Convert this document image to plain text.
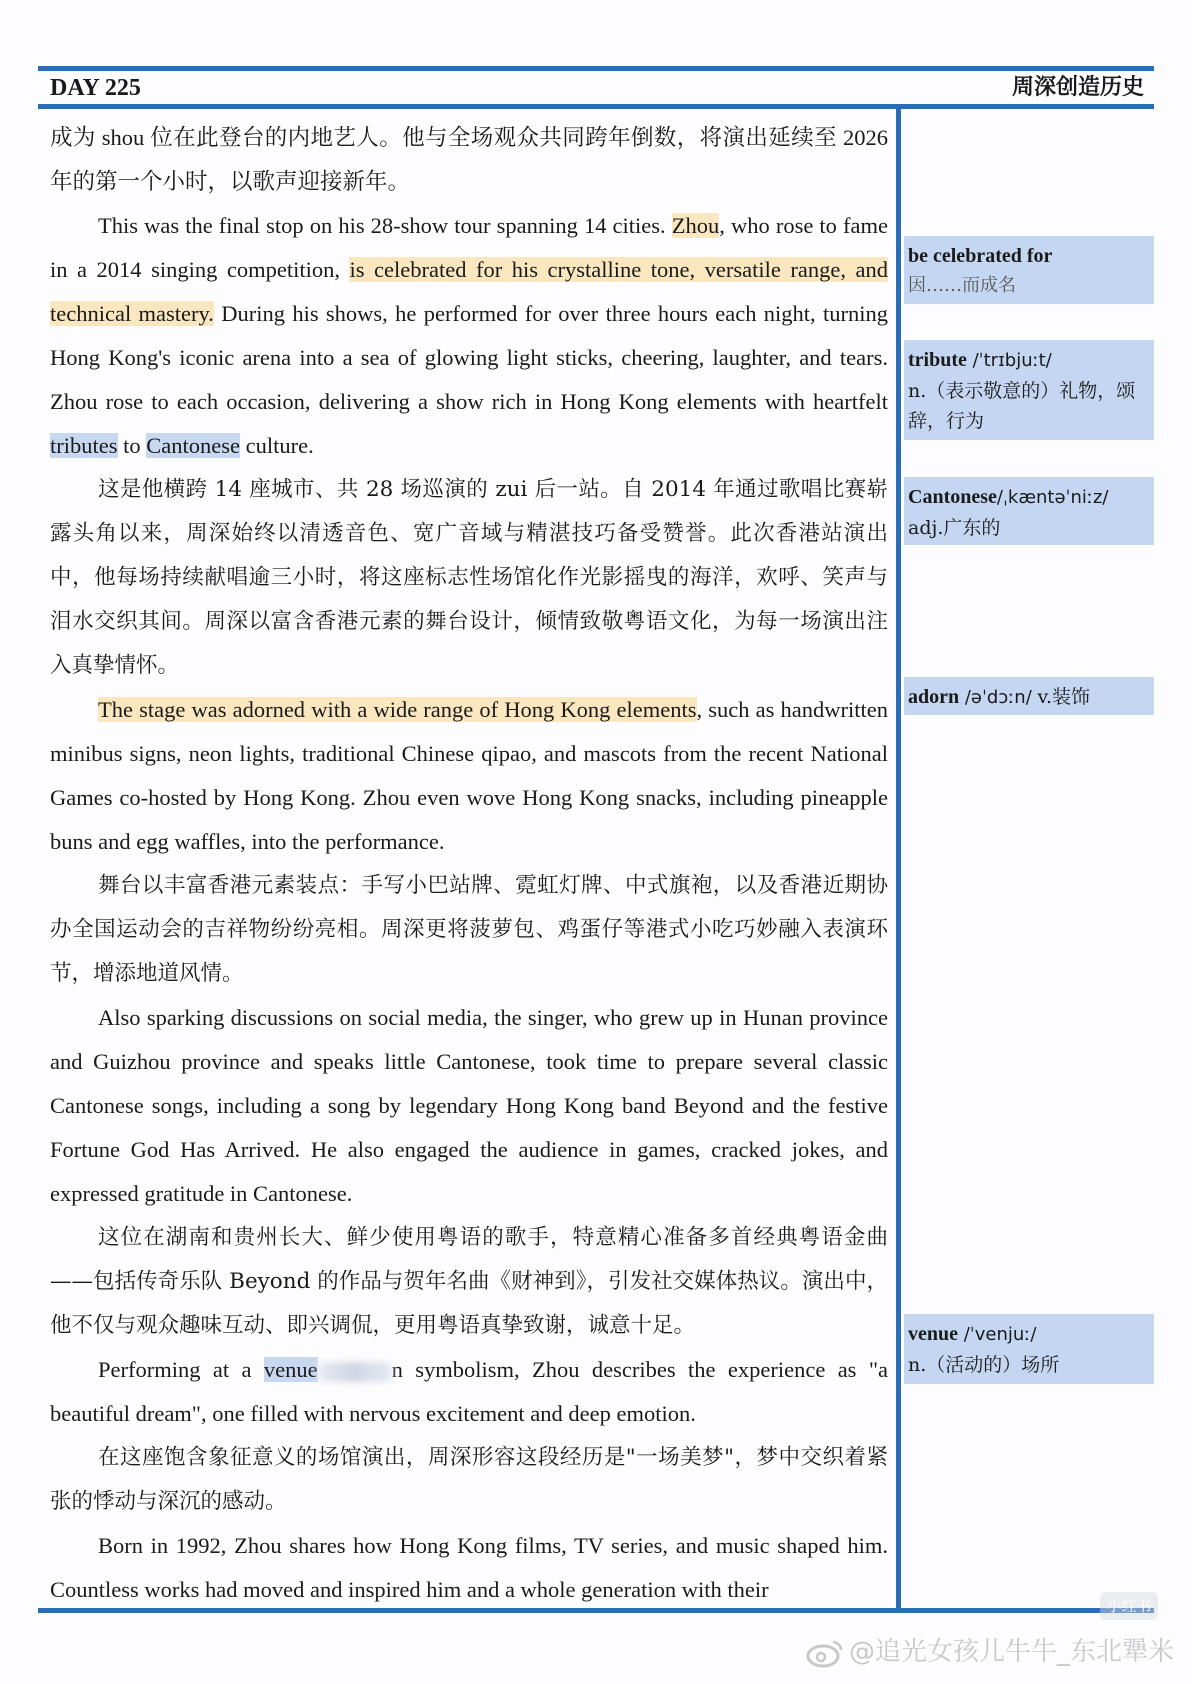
DAY 225	周深创造历史

成为 shou 位在此登台的内地艺人。他与全场观众共同跨年倒数，将演出延续至 2026 年的第一个小时，以歌声迎接新年。

This was the final stop on his 28-show tour spanning 14 cities. Zhou, who rose to fame in a 2014 singing competition, is celebrated for his crystalline tone, versatile range, and technical mastery. During his shows, he performed for over three hours each night, turning Hong Kong's iconic arena into a sea of glowing light sticks, cheering, laughter, and tears. Zhou rose to each occasion, delivering a show rich in Hong Kong elements with heartfelt tributes to Cantonese culture.

这是他横跨 14 座城市、共 28 场巡演的 zui 后一站。自 2014 年通过歌唱比赛崭露头角以来，周深始终以清透音色、宽广音域与精湛技巧备受赞誉。此次香港站演出中，他每场持续献唱逾三小时，将这座标志性场馆化作光影摇曳的海洋，欢呼、笑声与泪水交织其间。周深以富含香港元素的舞台设计，倾情致敬粤语文化，为每一场演出注入真挚情怀。

The stage was adorned with a wide range of Hong Kong elements, such as handwritten minibus signs, neon lights, traditional Chinese qipao, and mascots from the recent National Games co-hosted by Hong Kong. Zhou even wove Hong Kong snacks, including pineapple buns and egg waffles, into the performance.

舞台以丰富香港元素装点：手写小巴站牌、霓虹灯牌、中式旗袍，以及香港近期协办全国运动会的吉祥物纷纷亮相。周深更将菠萝包、鸡蛋仔等港式小吃巧妙融入表演环节，增添地道风情。

Also sparking discussions on social media, the singer, who grew up in Hunan province and Guizhou province and speaks little Cantonese, took time to prepare several classic Cantonese songs, including a song by legendary Hong Kong band Beyond and the festive Fortune God Has Arrived. He also engaged the audience in games, cracked jokes, and expressed gratitude in Cantonese.

这位在湖南和贵州长大、鲜少使用粤语的歌手，特意精心准备多首经典粤语金曲——包括传奇乐队 Beyond 的作品与贺年名曲《财神到》，引发社交媒体热议。演出中，他不仅与观众趣味互动、即兴调侃，更用粤语真挚致谢，诚意十足。

Performing at a venue	n symbolism, Zhou describes the experience as "a beautiful dream", one filled with nervous excitement and deep emotion.

在这座饱含象征意义的场馆演出，周深形容这段经历是"一场美梦"，梦中交织着紧张的悸动与深沉的感动。

Born in 1992, Zhou shares how Hong Kong films, TV series, and music shaped him. Countless works had moved and inspired him and a whole generation with their

be celebrated for
因……而成名
tribute /ˈtrɪbjuːt/
n.（表示敬意的）礼物，颂辞，行为
Cantonese/ˌkæntəˈniːz/
adj.广东的
adorn /əˈdɔːn/ v.装饰
venue /ˈvenjuː/
n.（活动的）场所
小红书
@追光女孩儿牛牛_东北犟米
